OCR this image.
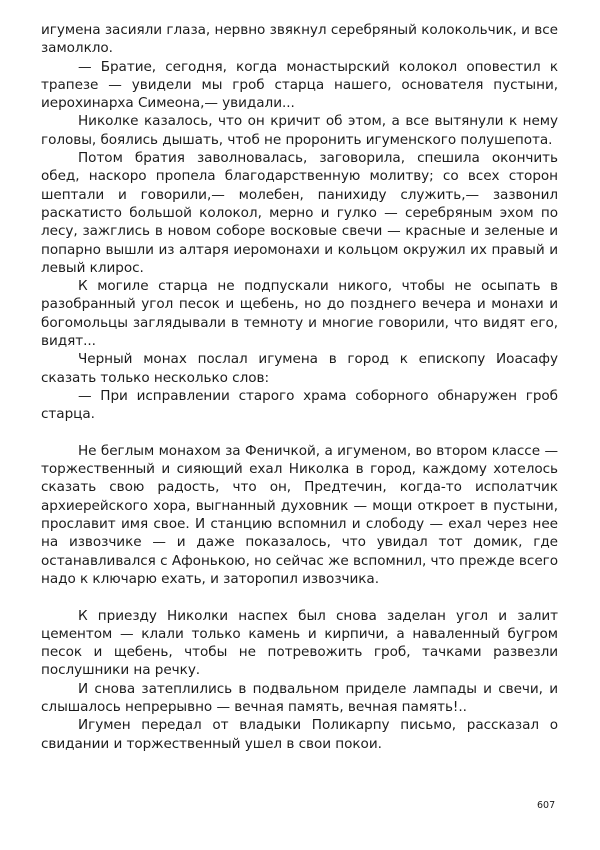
игумена засияли глаза, нервно звякнул серебряный колокольчик, и все замолкло.

— Братие, сегодня, когда монастырский колокол оповестил к трапезе — увидели мы гроб старца нашего, основателя пустыни, иерохинарха Симеона,— увидали...

Николке казалось, что он кричит об этом, а все вытянули к нему головы, боялись дышать, чтоб не проронить игуменского полушепота.

Потом братия заволновалась, заговорила, спешила окончить обед, наскоро пропела благодарственную молитву; со всех сторон шептали и говорили,— молебен, панихиду служить,— зазвонил раскатисто большой колокол, мерно и гулко — серебряным эхом по лесу, зажглись в новом соборе восковые свечи — красные и зеленые и попарно вышли из алтаря иеромонахи и кольцом окружил их правый и левый клирос.

К могиле старца не подпускали никого, чтобы не осыпать в разобранный угол песок и щебень, но до позднего вечера и монахи и богомольцы заглядывали в темноту и многие говорили, что видят его, видят...

Черный монах послал игумена в город к епископу Иоасафу сказать только несколько слов:

— При исправлении старого храма соборного обнаружен гроб старца.

Не беглым монахом за Феничкой, а игуменом, во втором классе — торжественный и сияющий ехал Николка в город, каждому хотелось сказать свою радость, что он, Предтечин, когда-то исполатчик архиерейского хора, выгнанный духовник — мощи откроет в пустыни, прославит имя свое. И станцию вспомнил и слободу — ехал через нее на извозчике — и даже показалось, что увидал тот домик, где останавливался с Афонькою, но сейчас же вспомнил, что прежде всего надо к ключарю ехать, и заторопил извозчика.

К приезду Николки наспех был снова заделан угол и залит цементом — клали только камень и кирпичи, а наваленный бугром песок и щебень, чтобы не потревожить гроб, тачками развезли послушники на речку.

И снова затеплились в подвальном приделе лампады и свечи, и слышалось непрерывно — вечная память, вечная память!..

Игумен передал от владыки Поликарпу письмо, рассказал о свидании и торжественный ушел в свои покои.

607
